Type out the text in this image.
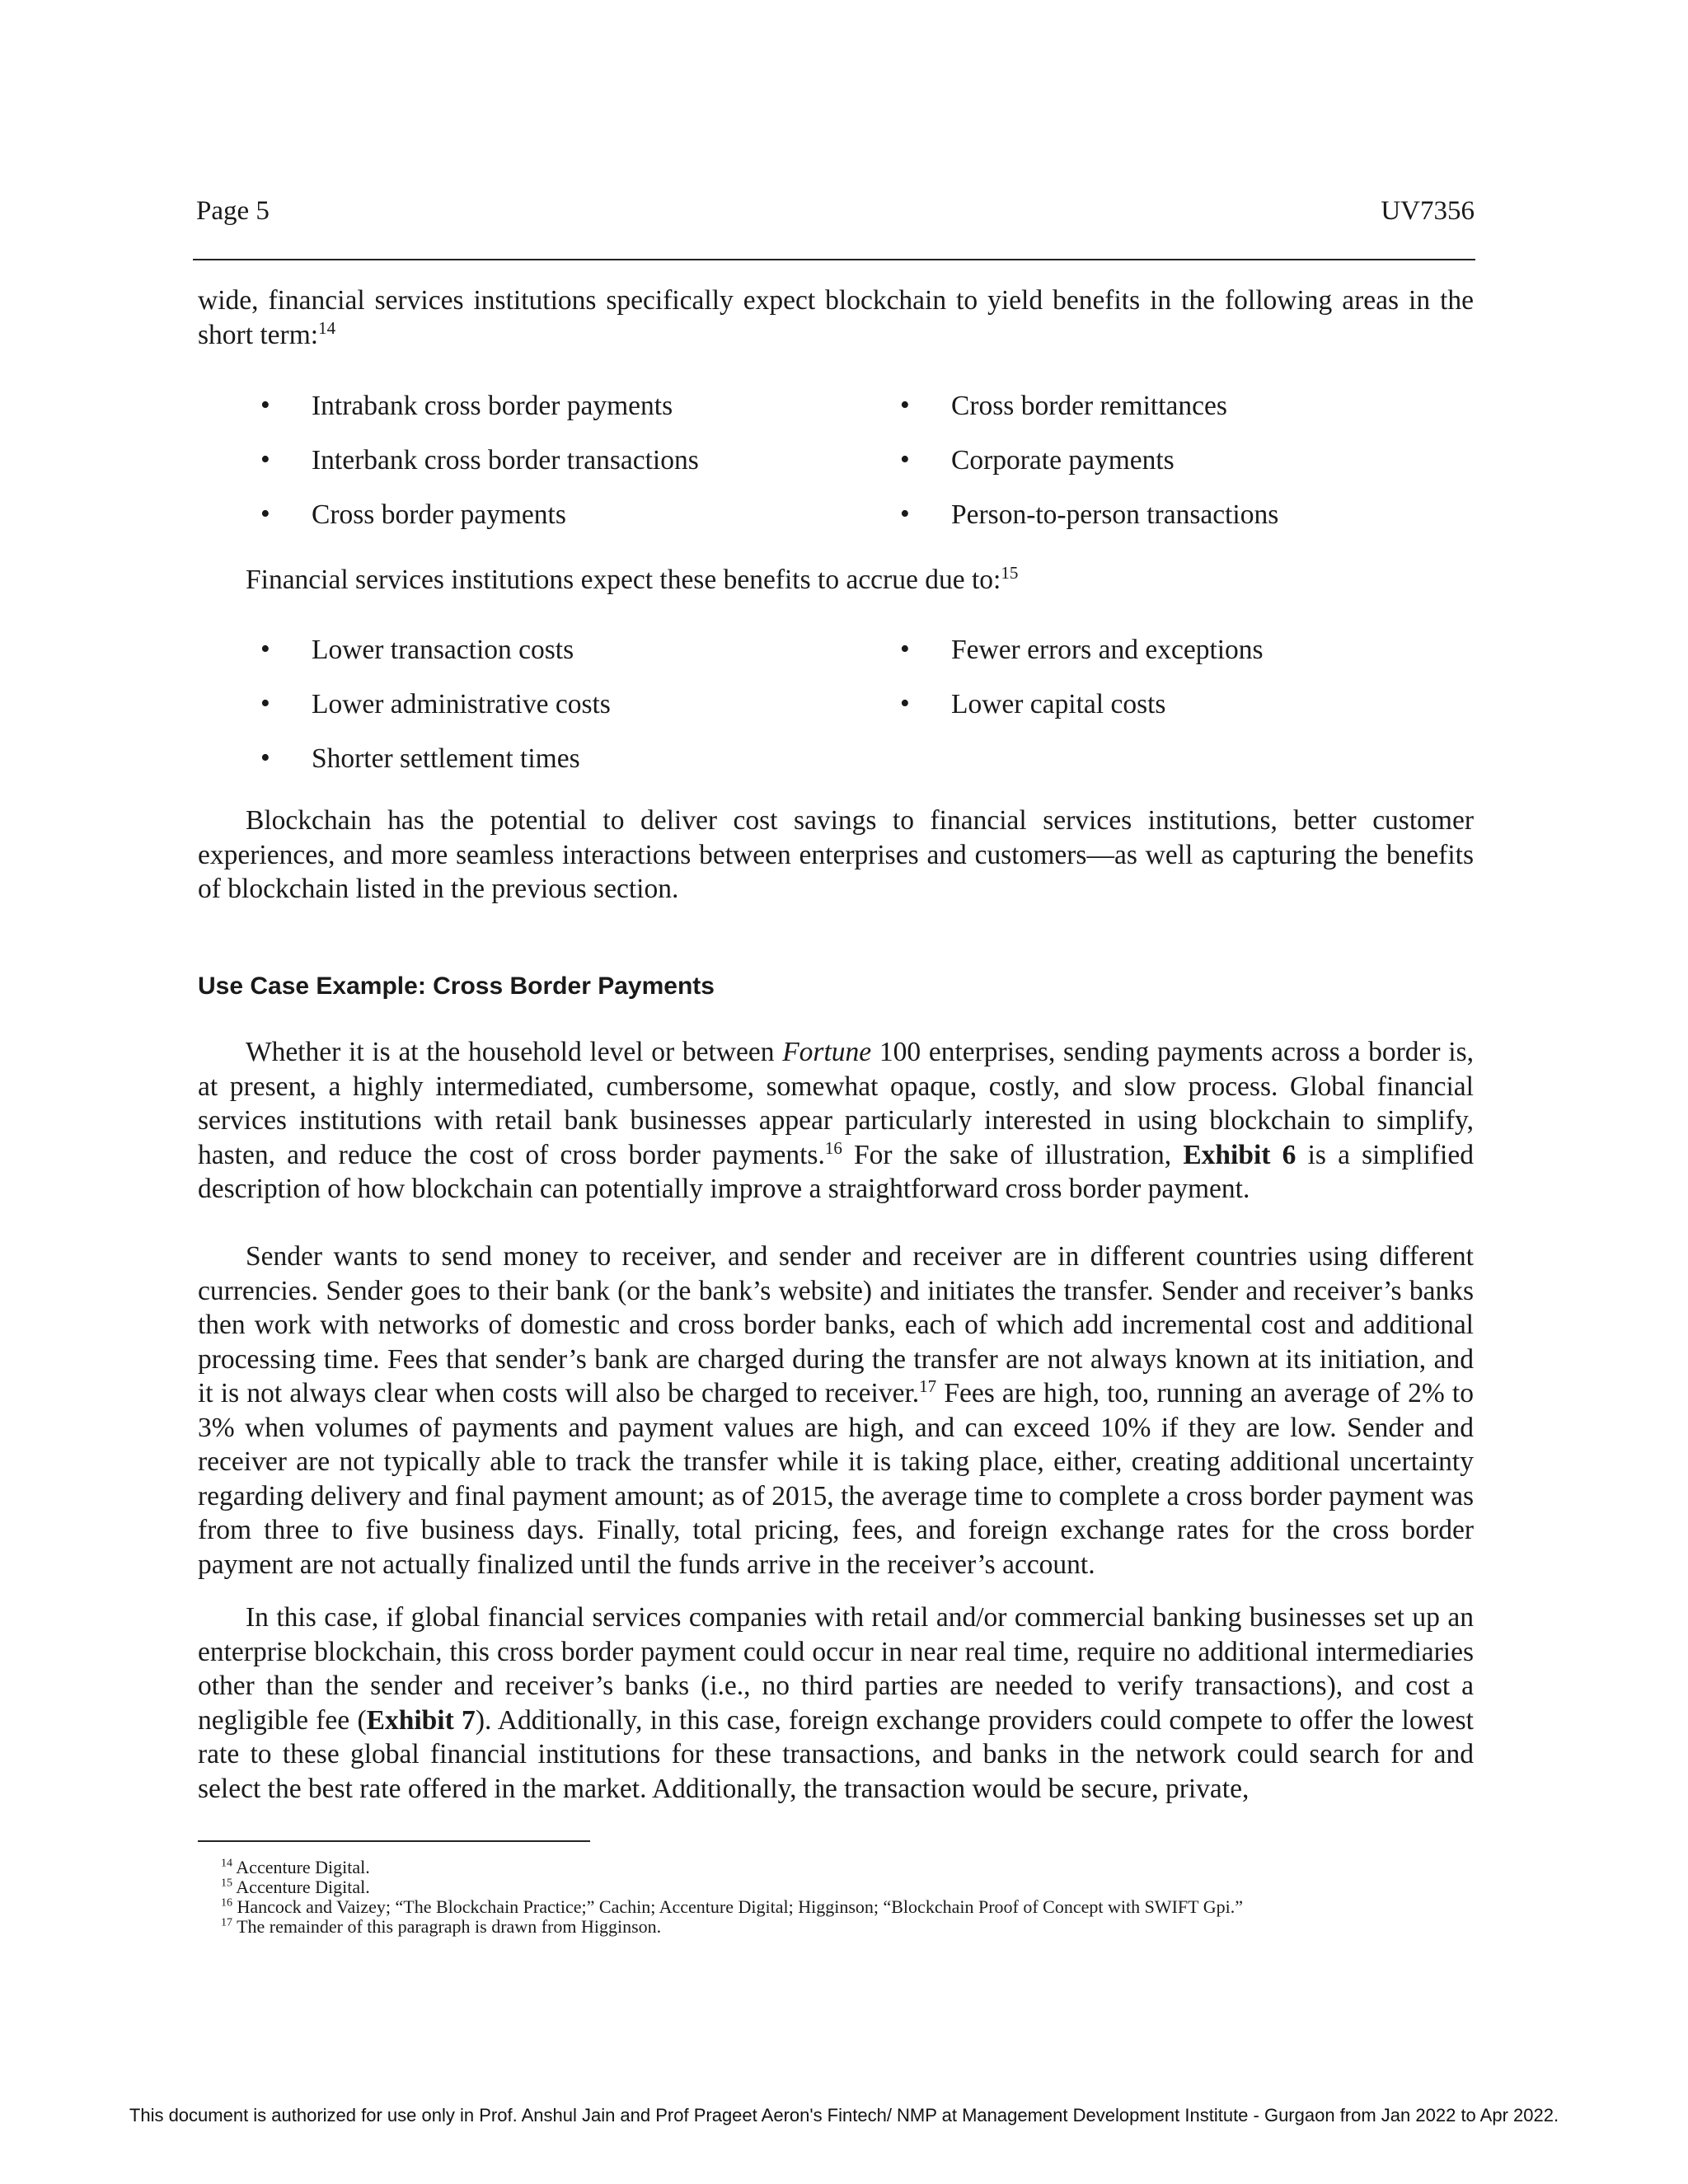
Page 5	UV7356
wide, financial services institutions specifically expect blockchain to yield benefits in the following areas in the short term:$^{14}$
• Intrabank cross border payments
• Interbank cross border transactions
• Cross border payments
• Cross border remittances
• Corporate payments
• Person-to-person transactions
Financial services institutions expect these benefits to accrue due to:$^{15}$
• Lower transaction costs
• Lower administrative costs
• Shorter settlement times
• Fewer errors and exceptions
• Lower capital costs
Blockchain has the potential to deliver cost savings to financial services institutions, better customer experiences, and more seamless interactions between enterprises and customers—as well as capturing the benefits of blockchain listed in the previous section.
Use Case Example: Cross Border Payments
Whether it is at the household level or between Fortune 100 enterprises, sending payments across a border is, at present, a highly intermediated, cumbersome, somewhat opaque, costly, and slow process. Global financial services institutions with retail bank businesses appear particularly interested in using blockchain to simplify, hasten, and reduce the cost of cross border payments.$^{16}$ For the sake of illustration, Exhibit 6 is a simplified description of how blockchain can potentially improve a straightforward cross border payment.
Sender wants to send money to receiver, and sender and receiver are in different countries using different currencies. Sender goes to their bank (or the bank’s website) and initiates the transfer. Sender and receiver’s banks then work with networks of domestic and cross border banks, each of which add incremental cost and additional processing time. Fees that sender’s bank are charged during the transfer are not always known at its initiation, and it is not always clear when costs will also be charged to receiver.$^{17}$ Fees are high, too, running an average of 2% to 3% when volumes of payments and payment values are high, and can exceed 10% if they are low. Sender and receiver are not typically able to track the transfer while it is taking place, either, creating additional uncertainty regarding delivery and final payment amount; as of 2015, the average time to complete a cross border payment was from three to five business days. Finally, total pricing, fees, and foreign exchange rates for the cross border payment are not actually finalized until the funds arrive in the receiver’s account.
In this case, if global financial services companies with retail and/or commercial banking businesses set up an enterprise blockchain, this cross border payment could occur in near real time, require no additional intermediaries other than the sender and receiver’s banks (i.e., no third parties are needed to verify transactions), and cost a negligible fee (Exhibit 7). Additionally, in this case, foreign exchange providers could compete to offer the lowest rate to these global financial institutions for these transactions, and banks in the network could search for and select the best rate offered in the market. Additionally, the transaction would be secure, private,
$^{14}$ Accenture Digital.
$^{15}$ Accenture Digital.
$^{16}$ Hancock and Vaizey; “The Blockchain Practice;” Cachin; Accenture Digital; Higginson; “Blockchain Proof of Concept with SWIFT Gpi.”
$^{17}$ The remainder of this paragraph is drawn from Higginson.
This document is authorized for use only in Prof. Anshul Jain and Prof Prageet Aeron's Fintech/ NMP at Management Development Institute - Gurgaon from Jan 2022 to Apr 2022.
